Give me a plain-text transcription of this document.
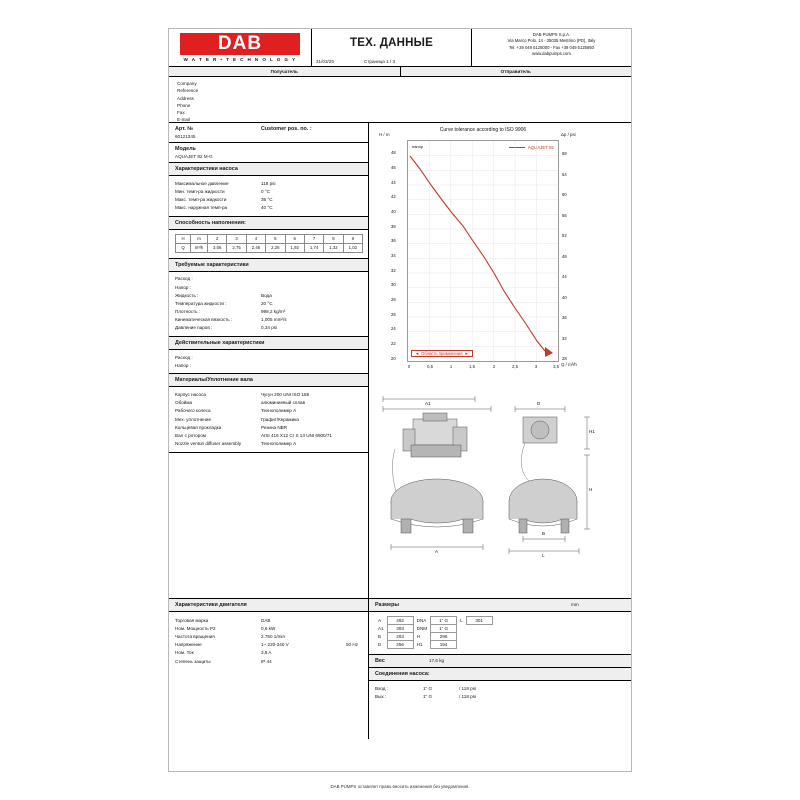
DAB
W A T E R • T E C H N O L O G Y
ТЕХ. ДАННЫЕ
31/03/25	Страница 1 / 3
DAB PUMPS S.p.A.
Via Marco Polo, 14 - 35035 Mestrino (PD), Italy
Tel. +39 049 5125000 - Fax +39 049 5125950
www.dabpumps.com
Получатель	Отправитель
Company
Reference
Address
Phone
Fax
E-mail
Арт. №	Customer pos. no. :
60121345
Модель
AQUAJET 82 M-G
Характеристики насоса
Максимальное давление	118 psi
Мин. темп-ра жидкости	0 °C
Макс. темп-ра жидкости	35 °C
Макс. наружная темп-ра	40 °C
Способность наполнения:
H	m	2	3	4	5	6	7	8	9
Q	m³/h	3,06	2,75	2,46	2,26	1,92	1,74	1,32	1,02
Требуемые характеристики
Расход :
Напор :
Жидкость :	Вода
Температура жидкости :	20 °C
Плотность :	998,2 kg/m³
Кинематическая вязкость :	1,005 mm²/s
Давление паров :	0,34 psi
Действительные характеристики
Расход :
Напор :
Материалы/Уплотнение вала
Корпус насоса	Чугун 200 UNI ISO 185
Обойма	алюминиевый сплав
Рабочего колеса	Технополимер А
Мех. уплотнение	Графит/Керамика
Кольцевая прокладка	Резина NBR
Вал с ротором	AISI 416 X12 Cr S 13 UNI 6900/71
Nozzle venturi diffuser assembly	Технополимер А
Curve tolerance according to ISO 9906
H / m	Δp / psi
Q / m³/h
напор	AQUAJET 82
◄ Область применения ►
20
22
24
26
28
30
32
34
36
38
40
42
44
46
48
28
32
36
40
44
48
52
56
60
64
68
0	0,5	1	1,5	2	2,5	3	3,5
A1	D
A
B
L
H
H1
Характеристики двигателя
Торговая марка	DAB
Ном. Мощность P2	0,6 kW
Частота вращения	2.750 1/min
Напряжение	1~ 220-240 V	50 Hz
Ном. Ток	3,8 A
Степень защиты	IP 44
Размеры	mm
A	492	DNA	1" G	L	301
A1	393	DNM	1" G		
B	263	H	296		
D	256	H1	194		
Вес	17,6 kg
Соединения насоса:
Вход :	1" G	/ 118 psi
Вых :	1" G	/ 118 psi
DAB PUMPS оставляет право вносить изменения без уведомления.
